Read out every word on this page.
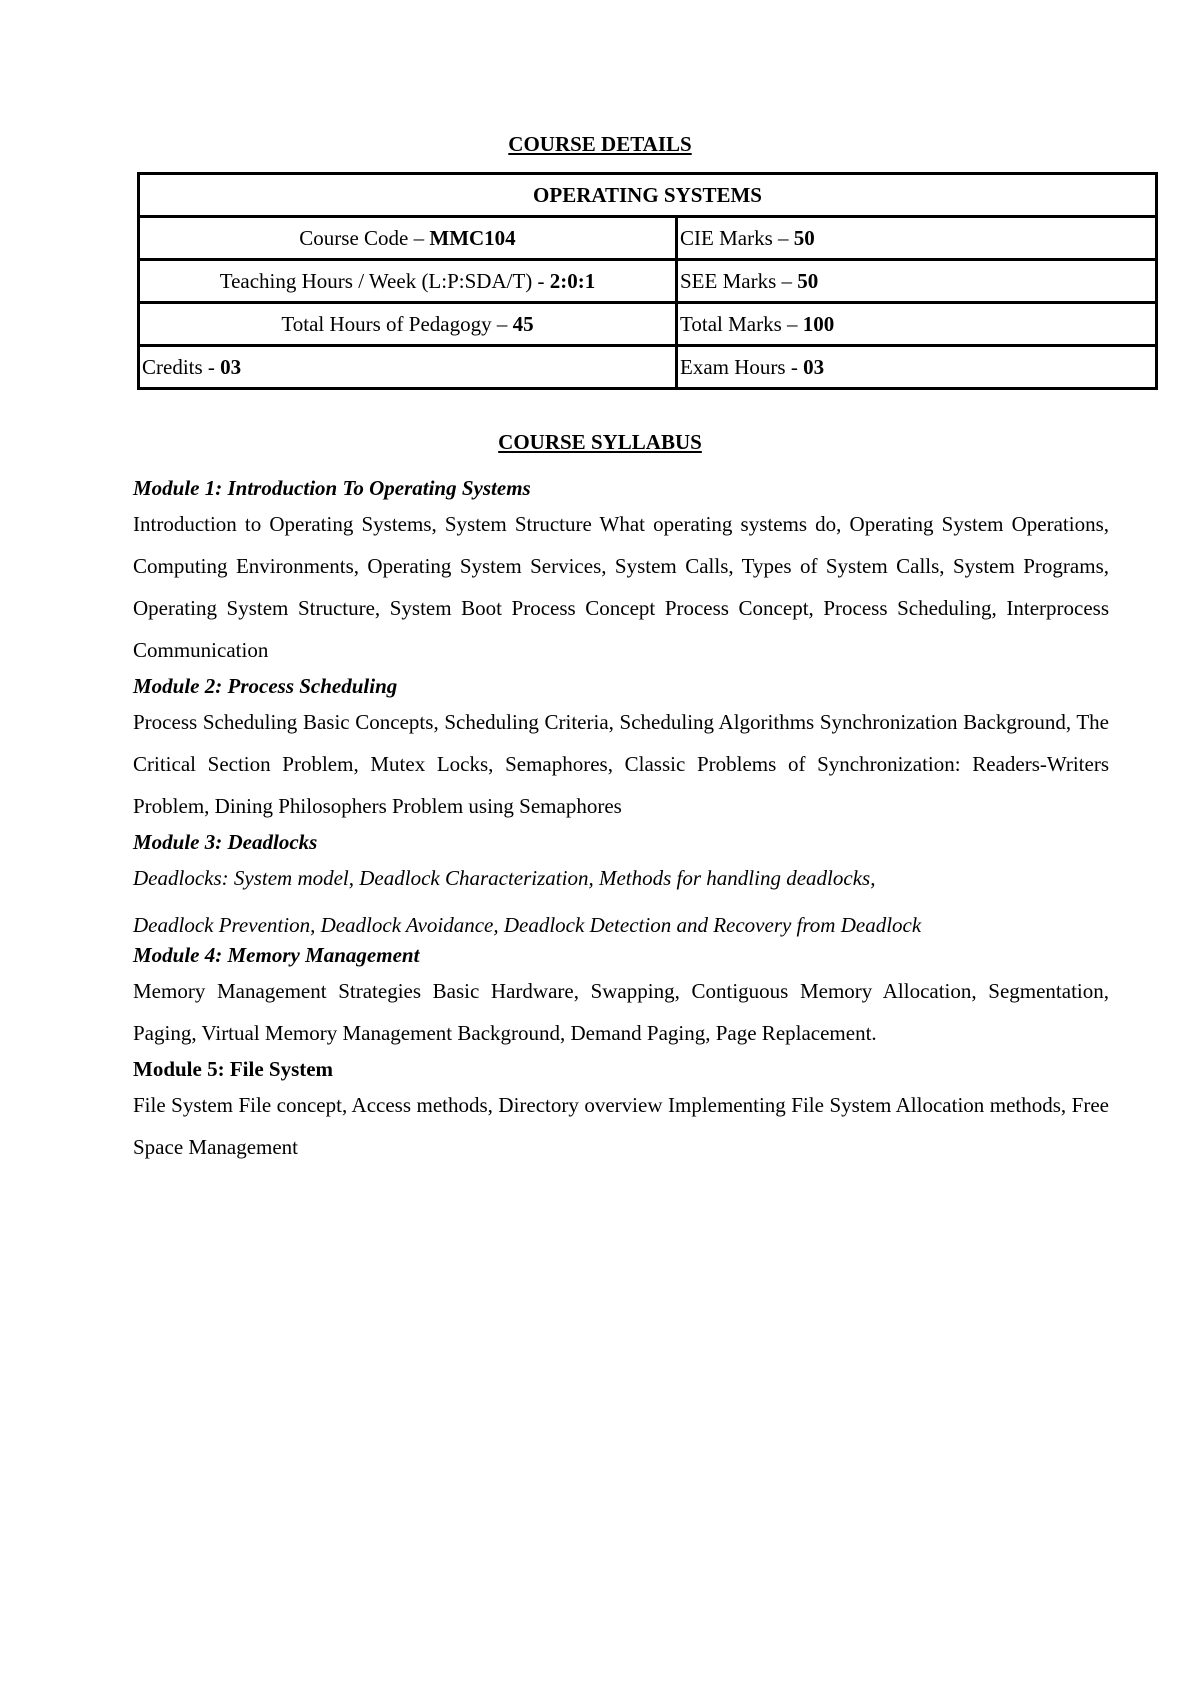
COURSE DETAILS
OPERATING SYSTEMS	
Course Code – MMC104	CIE Marks – 50
Teaching Hours / Week (L:P:SDA/T) - 2:0:1	SEE Marks – 50
Total Hours of Pedagogy – 45	Total Marks – 100
Credits - 03	Exam Hours - 03
COURSE SYLLABUS
Module 1: Introduction To Operating Systems
Introduction to Operating Systems, System Structure What operating systems do, Operating System Operations, Computing Environments, Operating System Services, System Calls, Types of System Calls, System Programs, Operating System Structure, System Boot Process Concept Process Concept, Process Scheduling, Interprocess Communication
Module 2: Process Scheduling
Process Scheduling Basic Concepts, Scheduling Criteria, Scheduling Algorithms Synchronization Background, The Critical Section Problem, Mutex Locks, Semaphores, Classic Problems of Synchronization: Readers-Writers Problem, Dining Philosophers Problem using Semaphores
Module 3: Deadlocks
Deadlocks: System model, Deadlock Characterization, Methods for handling deadlocks,
Deadlock Prevention, Deadlock Avoidance, Deadlock Detection and Recovery from Deadlock
Module 4: Memory Management
Memory Management Strategies Basic Hardware, Swapping, Contiguous Memory Allocation, Segmentation, Paging, Virtual Memory Management Background, Demand Paging, Page Replacement.
Module 5: File System
File System File concept, Access methods, Directory overview Implementing File System Allocation methods, Free Space Management
